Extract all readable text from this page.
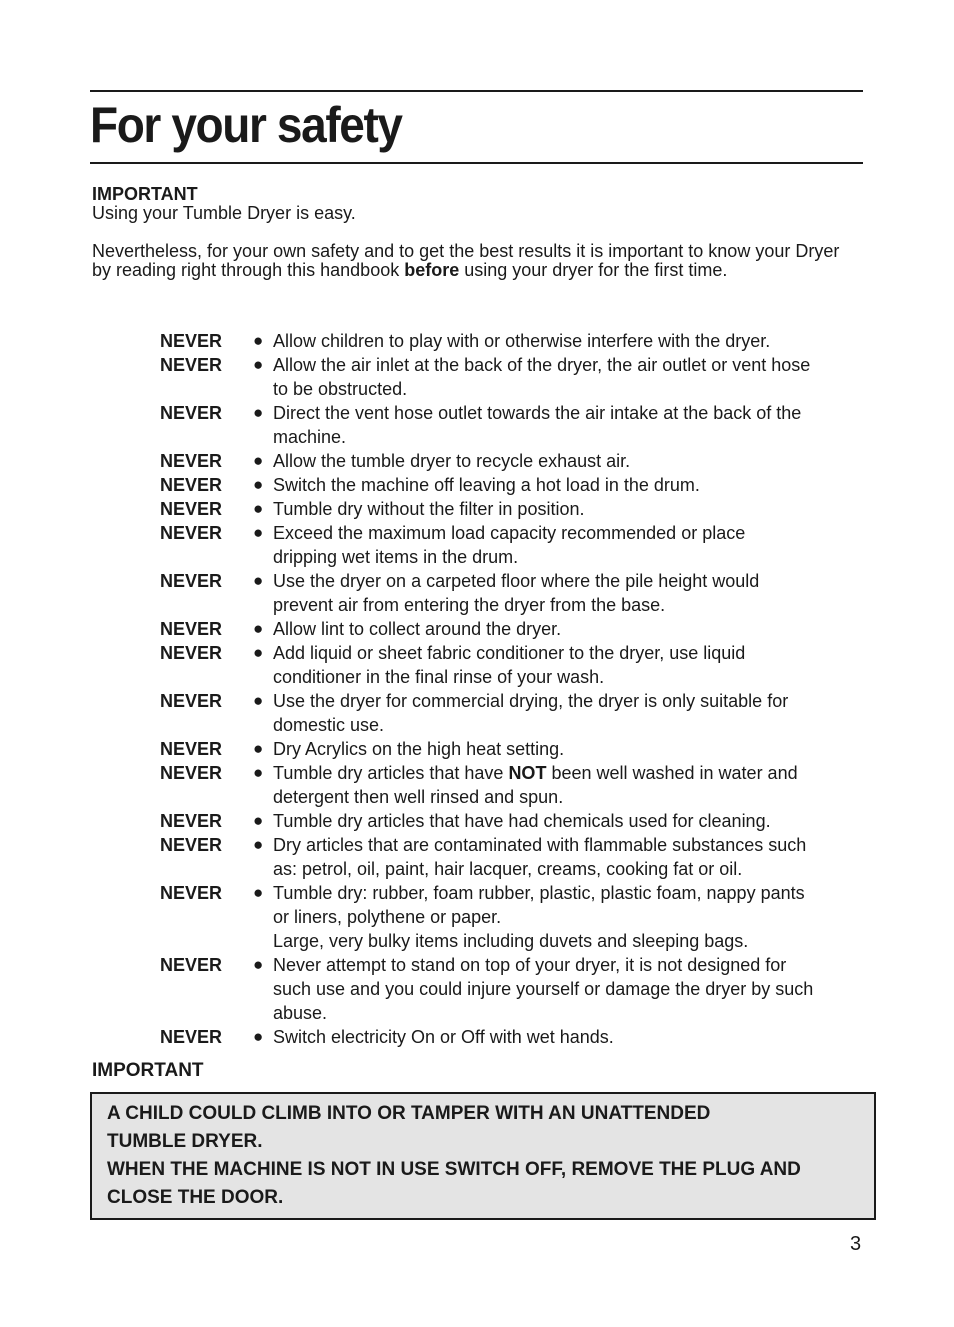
For your safety
IMPORTANT

Using your Tumble Dryer is easy.

Nevertheless, for your own safety and to get the best results it is important to know your Dryer by reading right through this handbook before using your dryer for the first time.

NEVER	● Allow children to play with or otherwise interfere with the dryer.
NEVER	● Allow the air inlet at the back of the dryer, the air outlet or vent hose
to be obstructed.
NEVER	● Direct the vent hose outlet towards the air intake at the back of the
machine.
NEVER	● Allow the tumble dryer to recycle exhaust air.
NEVER	● Switch the machine off leaving a hot load in the drum.
NEVER	● Tumble dry without the filter in position.
NEVER	● Exceed the maximum load capacity recommended or place
dripping wet items in the drum.
NEVER	● Use the dryer on a carpeted floor where the pile height would
prevent air from entering the dryer from the base.
NEVER	● Allow lint to collect around the dryer.
NEVER	● Add liquid or sheet fabric conditioner to the dryer, use liquid
conditioner in the final rinse of your wash.
NEVER	● Use the dryer for commercial drying, the dryer is only suitable for
domestic use.
NEVER	● Dry Acrylics on the high heat setting.
NEVER	● Tumble dry articles that have NOT been well washed in water and
detergent then well rinsed and spun.
NEVER	● Tumble dry articles that have had chemicals used for cleaning.
NEVER	● Dry articles that are contaminated with flammable substances such
as: petrol, oil, paint, hair lacquer, creams, cooking fat or oil.
NEVER	● Tumble dry: rubber, foam rubber, plastic, plastic foam, nappy pants
or liners, polythene or paper.
Large, very bulky items including duvets and sleeping bags.
NEVER	● Never attempt to stand on top of your dryer, it is not designed for
such use and you could injure yourself or damage the dryer by such
abuse.
NEVER	● Switch electricity On or Off with wet hands.
IMPORTANT

A CHILD COULD CLIMB INTO OR TAMPER WITH AN UNATTENDED

TUMBLE DRYER.

WHEN THE MACHINE IS NOT IN USE SWITCH OFF, REMOVE THE PLUG AND

CLOSE THE DOOR.

3
